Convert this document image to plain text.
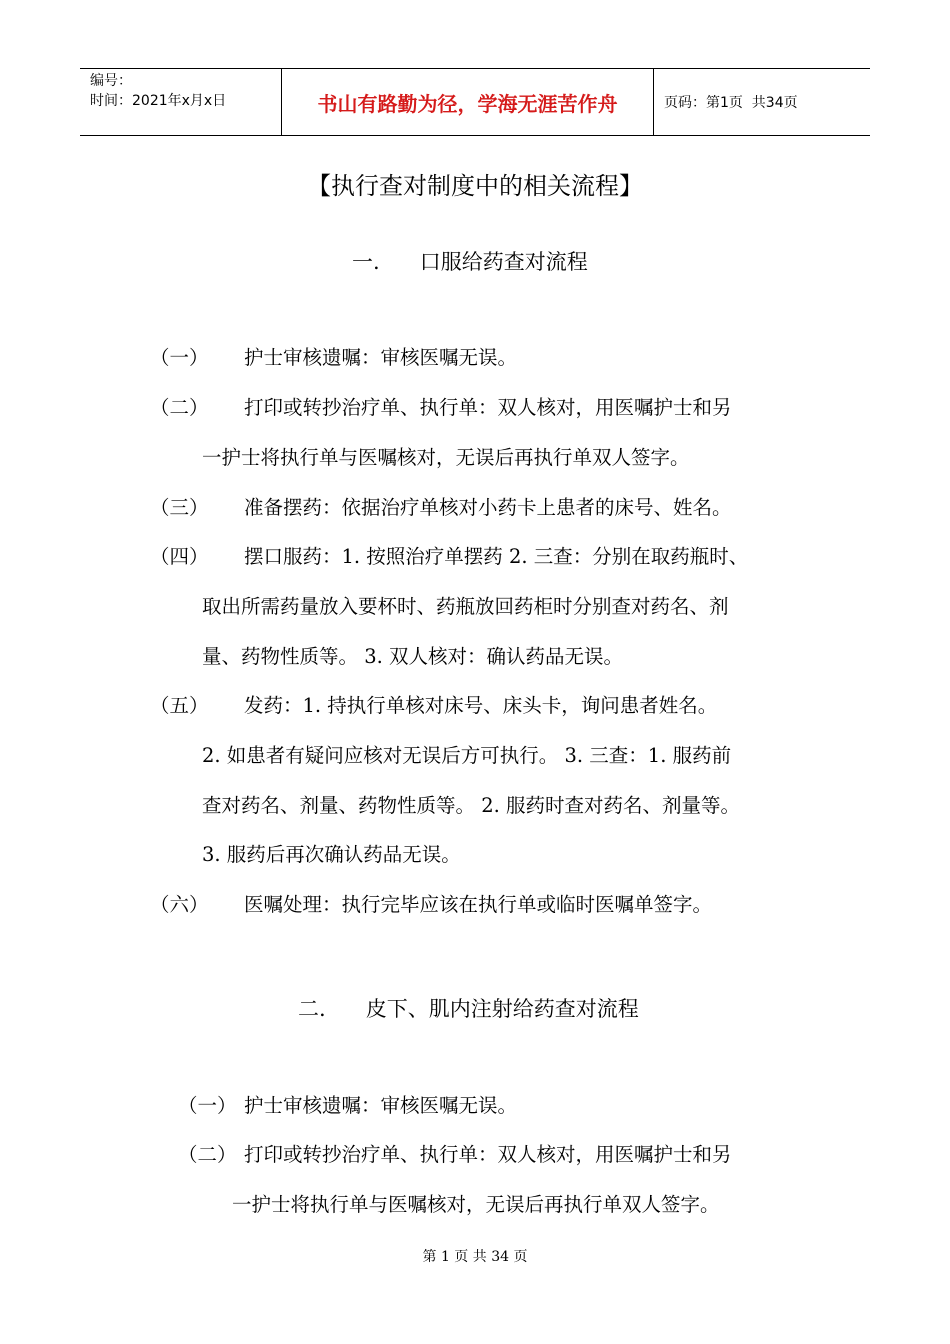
编号：
时间：2021年x月x日	书山有路勤为径，学海无涯苦作舟	页码：第1页  共34页
【执行查对制度中的相关流程】
一.      口服给药查对流程
（一） 护士审核遗嘱：审核医嘱无误。
（二） 打印或转抄治疗单、执行单：双人核对，用医嘱护士和另
一护士将执行单与医嘱核对，无误后再执行单双人签字。
（三） 准备摆药：依据治疗单核对小药卡上患者的床号、姓名。
（四） 摆口服药：1. 按照治疗单摆药 2. 三查：分别在取药瓶时、
取出所需药量放入要杯时、药瓶放回药柜时分别查对药名、剂
量、药物性质等。 3. 双人核对：确认药品无误。
（五） 发药：1. 持执行单核对床号、床头卡，询问患者姓名。
2. 如患者有疑问应核对无误后方可执行。 3. 三查：1. 服药前
查对药名、剂量、药物性质等。 2. 服药时查对药名、剂量等。
3. 服药后再次确认药品无误。
（六） 医嘱处理：执行完毕应该在执行单或临时医嘱单签字。
二.      皮下、肌内注射给药查对流程
（一） 护士审核遗嘱：审核医嘱无误。
（二） 打印或转抄治疗单、执行单：双人核对，用医嘱护士和另
一护士将执行单与医嘱核对，无误后再执行单双人签字。
第 1 页 共 34 页
